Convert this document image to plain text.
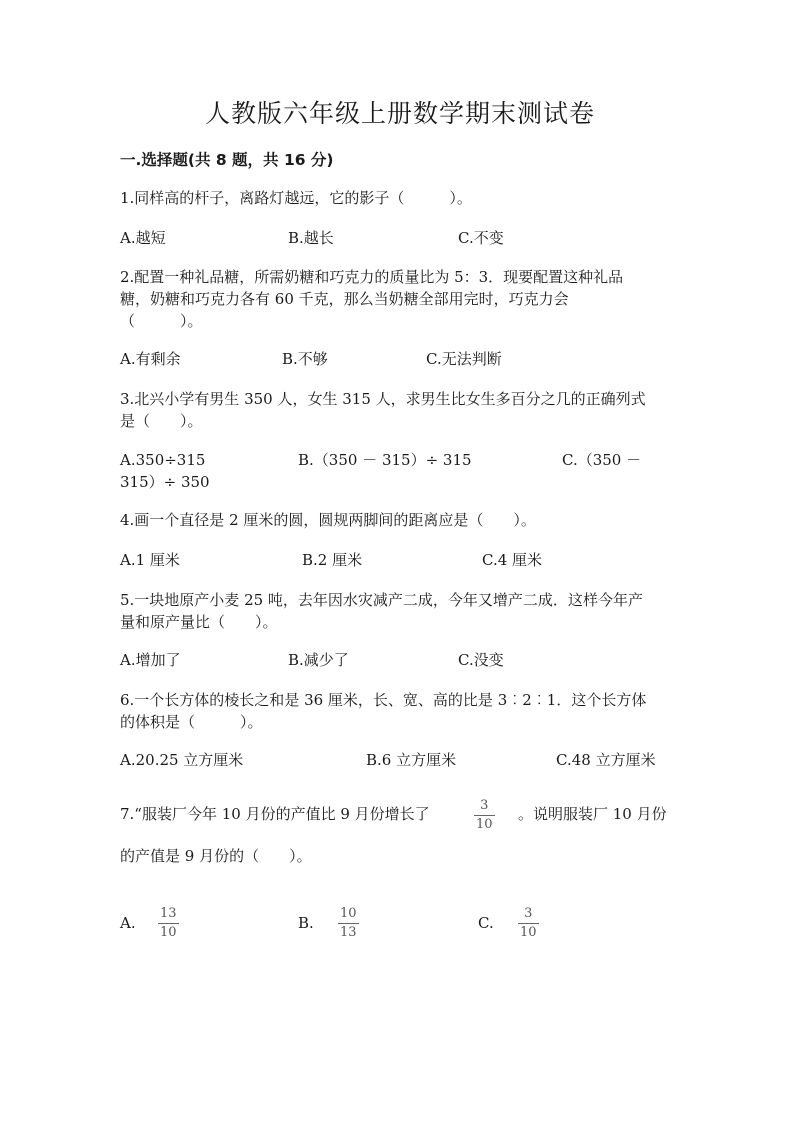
人教版六年级上册数学期末测试卷
一.选择题(共 8 题，共 16 分)
1.同样高的杆子，离路灯越远，它的影子（　　　）。
A.越短	B.越长	C.不变
2.配置一种礼品糖，所需奶糖和巧克力的质量比为 5：3．现要配置这种礼品
糖，奶糖和巧克力各有 60 千克，那么当奶糖全部用完时，巧克力会
（　　　）。
A.有剩余	B.不够	C.无法判断
3.北兴小学有男生 350 人，女生 315 人，求男生比女生多百分之几的正确列式
是（　　）。
A.350÷315	B.（350 － 315）÷ 315	C.（350 －
315）÷ 350
4.画一个直径是 2 厘米的圆，圆规两脚间的距离应是（　　）。
A.1 厘米	B.2 厘米	C.4 厘米
5.一块地原产小麦 25 吨，去年因水灾减产二成，今年又增产二成．这样今年产
量和原产量比（　　）。
A.增加了	B.减少了	C.没变
6.一个长方体的棱长之和是 36 厘米，长、宽、高的比是 3︰2︰1．这个长方体
的体积是（　　　）。
A.20.25 立方厘米	B.6 立方厘米	C.48 立方厘米
7.“服装厂今年 10 月份的产值比 9 月份增长了	3
10
。说明服装厂 10 月份
的产值是 9 月份的（　　）。
A.
13
10
B.
10
13
C.
3
10
